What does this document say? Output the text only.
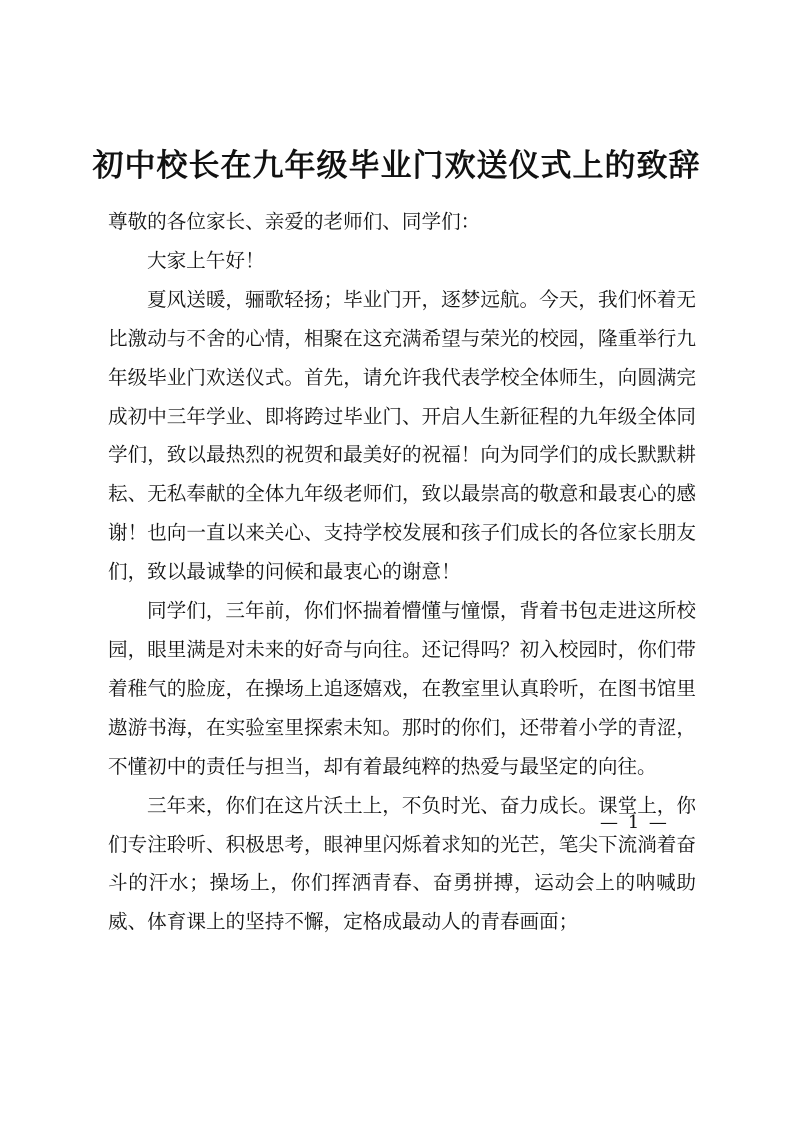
初中校长在九年级毕业门欢送仪式上的致辞

尊敬的各位家长、亲爱的老师们、同学们：

大家上午好！

夏风送暖，骊歌轻扬；毕业门开，逐梦远航。今天，我们怀着无比激动与不舍的心情，相聚在这充满希望与荣光的校园，隆重举行九年级毕业门欢送仪式。首先，请允许我代表学校全体师生，向圆满完成初中三年学业、即将跨过毕业门、开启人生新征程的九年级全体同学们，致以最热烈的祝贺和最美好的祝福！向为同学们的成长默默耕耘、无私奉献的全体九年级老师们，致以最崇高的敬意和最衷心的感谢！也向一直以来关心、支持学校发展和孩子们成长的各位家长朋友们，致以最诚挚的问候和最衷心的谢意！

同学们，三年前，你们怀揣着懵懂与憧憬，背着书包走进这所校园，眼里满是对未来的好奇与向往。还记得吗？初入校园时，你们带着稚气的脸庞，在操场上追逐嬉戏，在教室里认真聆听，在图书馆里遨游书海，在实验室里探索未知。那时的你们，还带着小学的青涩，不懂初中的责任与担当，却有着最纯粹的热爱与最坚定的向往。

三年来，你们在这片沃土上，不负时光、奋力成长。课堂上，你们专注聆听、积极思考，眼神里闪烁着求知的光芒，笔尖下流淌着奋斗的汗水；操场上，你们挥洒青春、奋勇拼搏，运动会上的呐喊助威、体育课上的坚持不懈，定格成最动人的青春画面；

— 1 —
